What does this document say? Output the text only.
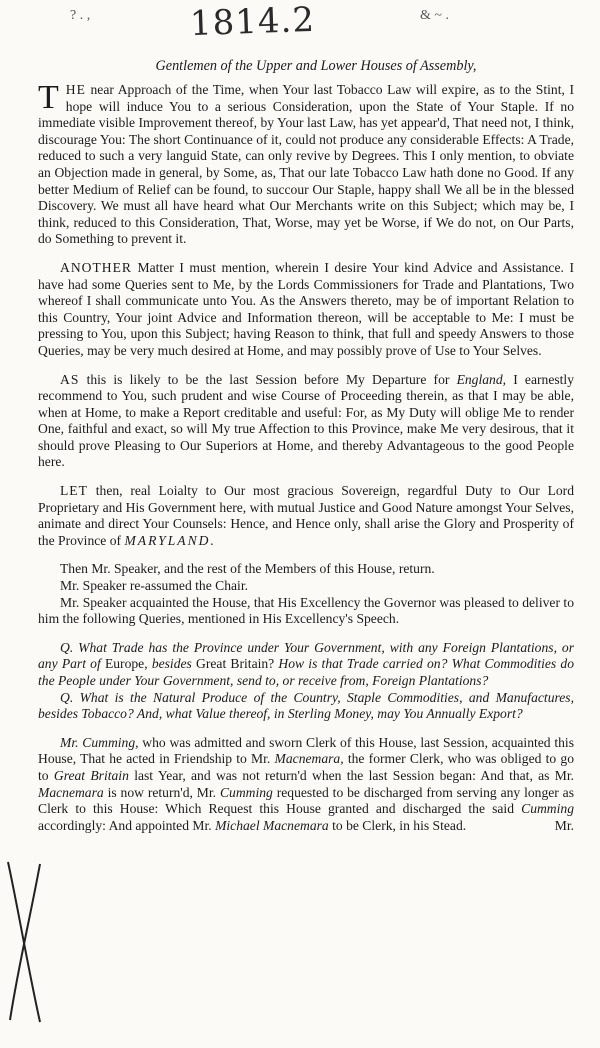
? . ,	1814.2	& ~ .
Gentlemen of the Upper and Lower Houses of Assembly,

THE near Approach of the Time, when Your last Tobacco Law will expire, as to the Stint, I hope will induce You to a serious Consideration, upon the State of Your Staple. If no immediate visible Improvement thereof, by Your last Law, has yet appear'd, That need not, I think, discourage You: The short Continuance of it, could not produce any considerable Effects: A Trade, reduced to such a very languid State, can only revive by Degrees. This I only mention, to obviate an Objection made in general, by Some, as, That our late Tobacco Law hath done no Good. If any better Medium of Relief can be found, to succour Our Staple, happy shall We all be in the blessed Discovery. We must all have heard what Our Merchants write on this Subject; which may be, I think, reduced to this Consideration, That, Worse, may yet be Worse, if We do not, on Our Parts, do Something to prevent it.

ANOTHER Matter I must mention, wherein I desire Your kind Advice and Assistance. I have had some Queries sent to Me, by the Lords Commissioners for Trade and Plantations, Two whereof I shall communicate unto You. As the Answers thereto, may be of important Relation to this Country, Your joint Advice and Information thereon, will be acceptable to Me: I must be pressing to You, upon this Subject; having Reason to think, that full and speedy Answers to those Queries, may be very much desired at Home, and may possibly prove of Use to Your Selves.

AS this is likely to be the last Session before My Departure for England, I earnestly recommend to You, such prudent and wise Course of Proceeding therein, as that I may be able, when at Home, to make a Report creditable and useful: For, as My Duty will oblige Me to render One, faithful and exact, so will My true Affection to this Province, make Me very desirous, that it should prove Pleasing to Our Superiors at Home, and thereby Advantageous to the good People here.

LET then, real Loialty to Our most gracious Sovereign, regardful Duty to Our Lord Proprietary and His Government here, with mutual Justice and Good Nature amongst Your Selves, animate and direct Your Counsels: Hence, and Hence only, shall arise the Glory and Prosperity of the Province of MARYLAND.

Then Mr. Speaker, and the rest of the Members of this House, return.

Mr. Speaker re-assumed the Chair.

Mr. Speaker acquainted the House, that His Excellency the Governor was pleased to deliver to him the following Queries, mentioned in His Excellency's Speech.

Q. What Trade has the Province under Your Government, with any Foreign Plantations, or any Part of Europe, besides Great Britain? How is that Trade carried on? What Commodities do the People under Your Government, send to, or receive from, Foreign Plantations?

Q. What is the Natural Produce of the Country, Staple Commodities, and Manufactures, besides Tobacco? And, what Value thereof, in Sterling Money, may You Annually Export?

Mr. Cumming, who was admitted and sworn Clerk of this House, last Session, acquainted this House, That he acted in Friendship to Mr. Macnemara, the former Clerk, who was obliged to go to Great Britain last Year, and was not return'd when the last Session began: And that, as Mr. Macnemara is now return'd, Mr. Cumming requested to be discharged from serving any longer as Clerk to this House: Which Request this House granted and discharged the said Cumming accordingly: And appointed Mr. Michael Macnemara to be Clerk, in his Stead.	Mr.
